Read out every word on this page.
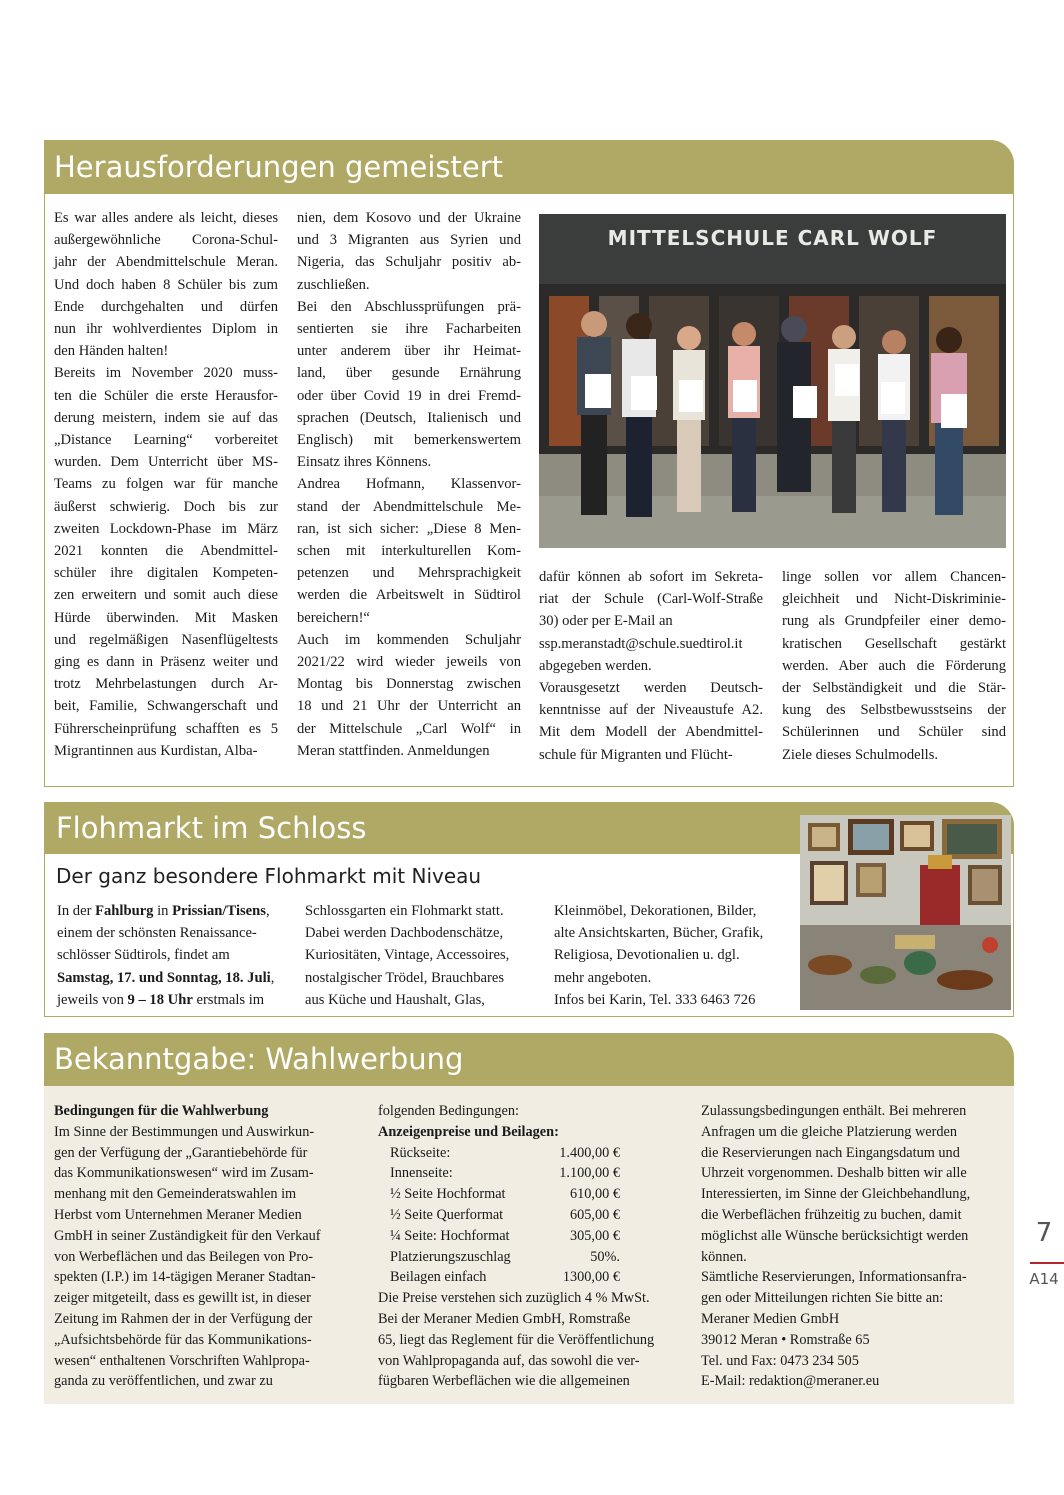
Herausforderungen gemeistert
Es war alles andere als leicht, dieses
außergewöhnliche Corona-Schul-
jahr der Abendmittelschule Meran.
Und doch haben 8 Schüler bis zum
Ende durchgehalten und dürfen
nun ihr wohlverdientes Diplom in
den Händen halten!
Bereits im November 2020 muss-
ten die Schüler die erste Herausfor-
derung meistern, indem sie auf das
„Distance Learning“ vorbereitet
wurden. Dem Unterricht über MS-
Teams zu folgen war für manche
äußerst schwierig. Doch bis zur
zweiten Lockdown-Phase im März
2021 konnten die Abendmittel-
schüler ihre digitalen Kompeten-
zen erweitern und somit auch diese
Hürde überwinden. Mit Masken
und regelmäßigen Nasenflügeltests
ging es dann in Präsenz weiter und
trotz Mehrbelastungen durch Ar-
beit, Familie, Schwangerschaft und
Führerscheinprüfung schafften es 5
Migrantinnen aus Kurdistan, Alba-
nien, dem Kosovo und der Ukraine
und 3 Migranten aus Syrien und
Nigeria, das Schuljahr positiv ab-
zuschließen.
Bei den Abschlussprüfungen prä-
sentierten sie ihre Facharbeiten
unter anderem über ihr Heimat-
land, über gesunde Ernährung
oder über Covid 19 in drei Fremd-
sprachen (Deutsch, Italienisch und
Englisch) mit bemerkenswertem
Einsatz ihres Könnens.
Andrea Hofmann, Klassenvor-
stand der Abendmittelschule Me-
ran, ist sich sicher: „Diese 8 Men-
schen mit interkulturellen Kom-
petenzen und Mehrsprachigkeit
werden die Arbeitswelt in Südtirol
bereichern!“
Auch im kommenden Schuljahr
2021/22 wird wieder jeweils von
Montag bis Donnerstag zwischen
18 und 21 Uhr der Unterricht an
der Mittelschule „Carl Wolf“ in
Meran stattfinden. Anmeldungen
dafür können ab sofort im Sekreta-
riat der Schule (Carl-Wolf-Straße
30) oder per E-Mail an
ssp.meranstadt@schule.suedtirol.it
abgegeben werden.
Vorausgesetzt werden Deutsch-
kenntnisse auf der Niveaustufe A2.
Mit dem Modell der Abendmittel-
schule für Migranten und Flücht-
linge sollen vor allem Chancen-
gleichheit und Nicht-Diskriminie-
rung als Grundpfeiler einer demo-
kratischen Gesellschaft gestärkt
werden. Aber auch die Förderung
der Selbständigkeit und die Stär-
kung des Selbstbewusstseins der
Schülerinnen und Schüler sind
Ziele dieses Schulmodells.
MITTELSCHULE CARL WOLF
Flohmarkt im Schloss
Der ganz besondere Flohmarkt mit Niveau
In der Fahlburg in Prissian/Tisens,
einem der schönsten Renaissance-
schlösser Südtirols, findet am
Samstag, 17. und Sonntag, 18. Juli,
jeweils von 9 – 18 Uhr erstmals im
Schlossgarten ein Flohmarkt statt.
Dabei werden Dachbodenschätze,
Kuriositäten, Vintage, Accessoires,
nostalgischer Trödel, Brauchbares
aus Küche und Haushalt, Glas,
Kleinmöbel, Dekorationen, Bilder,
alte Ansichtskarten, Bücher, Grafik,
Religiosa, Devotionalien u. dgl.
mehr angeboten.
Infos bei Karin, Tel. 333 6463 726
Bekanntgabe: Wahlwerbung
Bedingungen für die Wahlwerbung
Im Sinne der Bestimmungen und Auswirkun-
gen der Verfügung der „Garantiebehörde für
das Kommunikationswesen“ wird im Zusam-
menhang mit den Gemeinderatswahlen im
Herbst vom Unternehmen Meraner Medien
GmbH in seiner Zuständigkeit für den Verkauf
von Werbeflächen und das Beilegen von Pro-
spekten (I.P.) im 14-tägigen Meraner Stadtan-
zeiger mitgeteilt, dass es gewillt ist, in dieser
Zeitung im Rahmen der in der Verfügung der
„Aufsichtsbehörde für das Kommunikations-
wesen“ enthaltenen Vorschriften Wahlpropa-
ganda zu veröffentlichen, und zwar zu
folgenden Bedingungen:
Anzeigenpreise und Beilagen:
Rückseite:	1.400,00 €
Innenseite:	1.100,00 €
½ Seite Hochformat	610,00 €
½ Seite Querformat	605,00 €
¼ Seite: Hochformat	305,00 €
Platzierungszuschlag	50%.
Beilagen einfach	1300,00 €
Die Preise verstehen sich zuzüglich 4 % MwSt.
Bei der Meraner Medien GmbH, Romstraße
65, liegt das Reglement für die Veröffentlichung
von Wahlpropaganda auf, das sowohl die ver-
fügbaren Werbeflächen wie die allgemeinen
Zulassungsbedingungen enthält. Bei mehreren
Anfragen um die gleiche Platzierung werden
die Reservierungen nach Eingangsdatum und
Uhrzeit vorgenommen. Deshalb bitten wir alle
Interessierten, im Sinne der Gleichbehandlung,
die Werbeflächen frühzeitig zu buchen, damit
möglichst alle Wünsche berücksichtigt werden
können.
Sämtliche Reservierungen, Informationsanfra-
gen oder Mitteilungen richten Sie bitte an:
Meraner Medien GmbH
39012 Meran • Romstraße 65
Tel. und Fax: 0473 234 505
E-Mail: redaktion@meraner.eu
7
A14
